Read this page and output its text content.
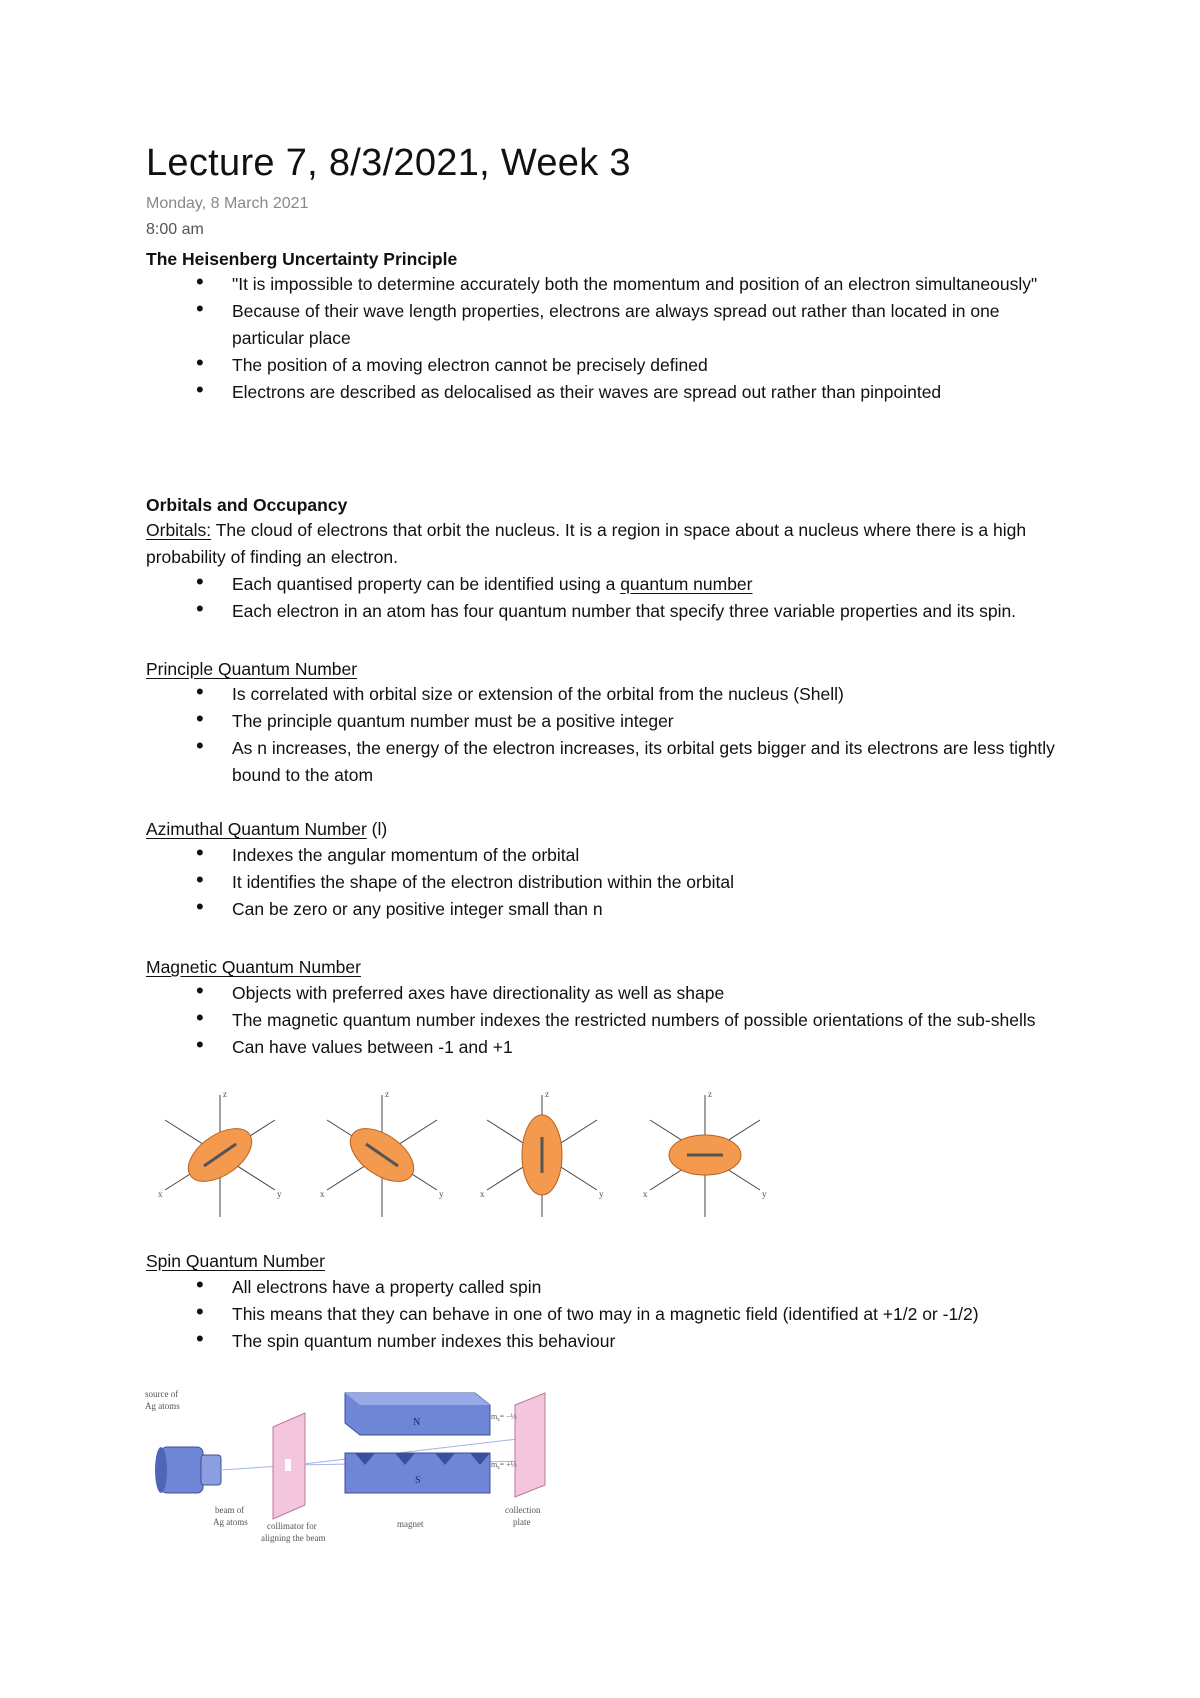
Lecture 7, 8/3/2021, Week 3
Monday, 8 March 2021
8:00 am
The Heisenberg Uncertainty Principle
• "It is impossible to determine accurately both the momentum and position of an electron simultaneously"
• Because of their wave length properties, electrons are always spread out rather than located in one particular place
• The position of a moving electron cannot be precisely defined
• Electrons are described as delocalised as their waves are spread out rather than pinpointed
Orbitals and Occupancy
Orbitals: The cloud of electrons that orbit the nucleus. It is a region in space about a nucleus where there is a high probability of finding an electron.
• Each quantised property can be identified using a quantum number
• Each electron in an atom has four quantum number that specify three variable properties and its spin.
Principle Quantum Number
• Is correlated with orbital size or extension of the orbital from the nucleus (Shell)
• The principle quantum number must be a positive integer
• As n increases, the energy of the electron increases, its orbital gets bigger and its electrons are less tightly bound to the atom
Azimuthal Quantum Number (l)
• Indexes the angular momentum of the orbital
• It identifies the shape of the electron distribution within the orbital
• Can be zero or any positive integer small than n
Magnetic Quantum Number
• Objects with preferred axes have directionality as well as shape
• The magnetic quantum number indexes the restricted numbers of possible orientations of the sub-shells
• Can have values between -1 and +1
z
x	y
z
x	y
z
x	y
z
x	y
Spin Quantum Number
• All electrons have a property called spin
• This means that they can behave in one of two may in a magnetic field (identified at +1/2 or -1/2)
• The spin quantum number indexes this behaviour
N
S
source of
Ag atoms
beam of
Ag atoms collimator for
aligning the beam
magnet
collection
plate
$m_s=$ −½
$m_s=$ +½
